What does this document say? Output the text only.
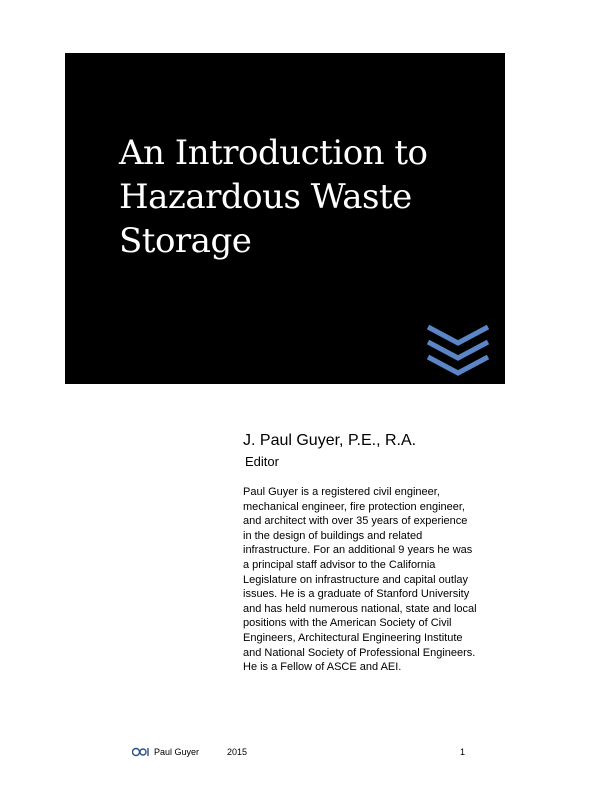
An Introduction to
Hazardous Waste
Storage
J. Paul Guyer, P.E., R.A.
Editor
Paul Guyer is a registered civil engineer,
mechanical engineer, fire protection engineer,
and architect with over 35 years of experience
in the design of buildings and related
infrastructure. For an additional 9 years he was
a principal staff advisor to the California
Legislature on infrastructure and capital outlay
issues. He is a graduate of Stanford University
and has held numerous national, state and local
positions with the American Society of Civil
Engineers, Architectural Engineering Institute
and National Society of Professional Engineers.
He is a Fellow of ASCE and AEI.
Paul Guyer	2015	1
